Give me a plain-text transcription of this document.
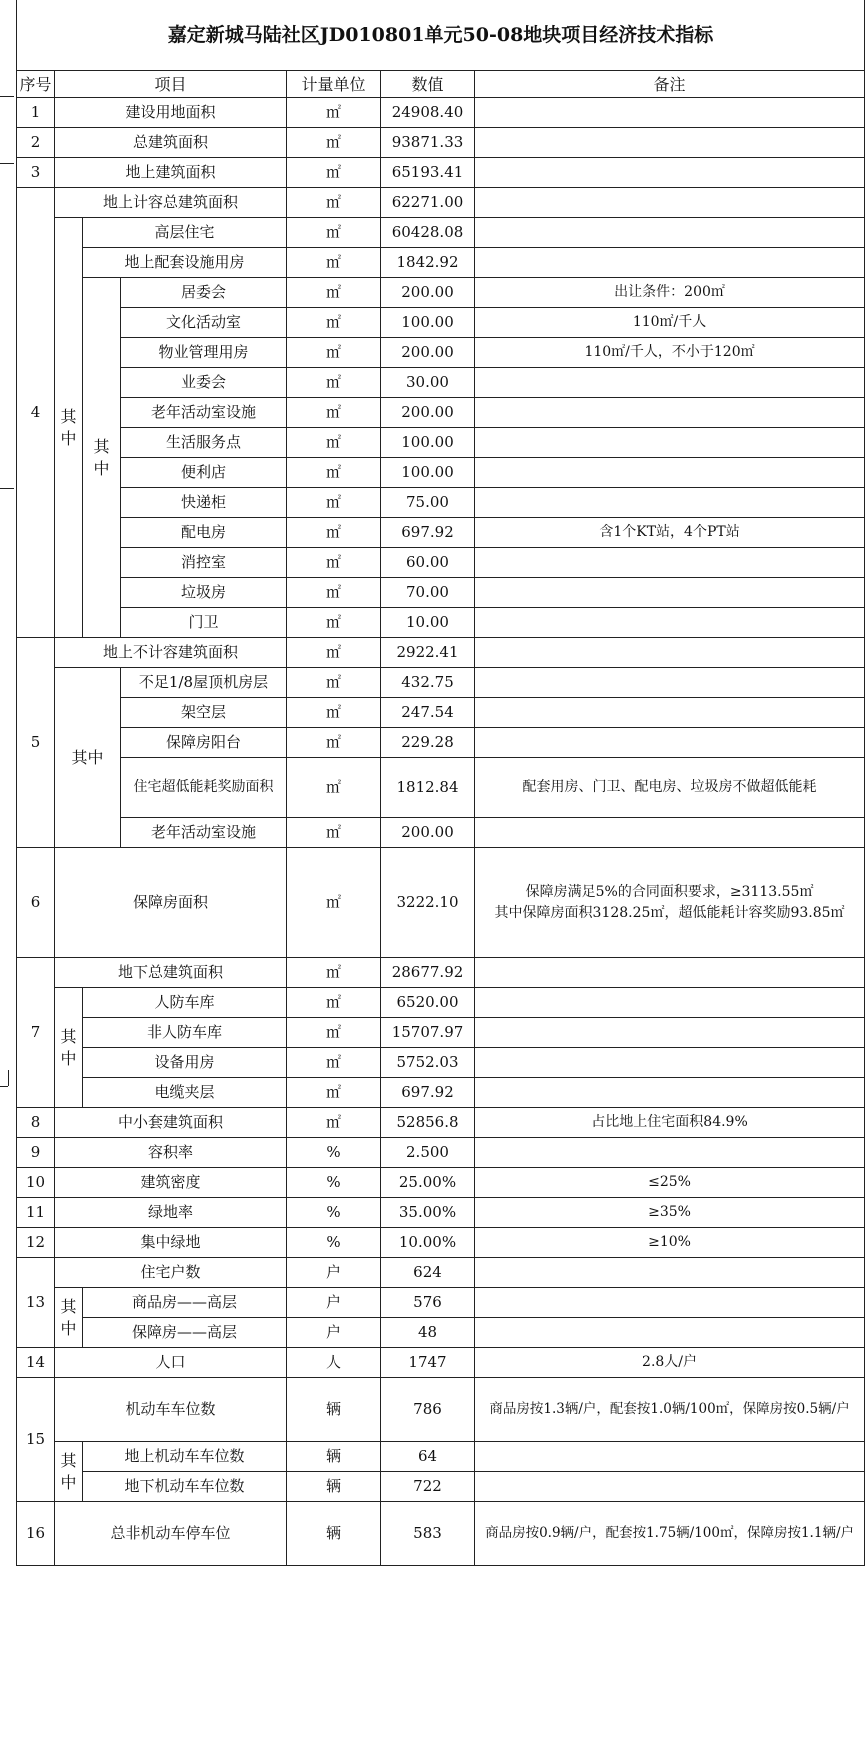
嘉定新城马陆社区JD010801单元50-08地块项目经济技术指标						
序号	项目			计量单位	数值	备注
1	建设用地面积			㎡	24908.40	
2	总建筑面积			㎡	93871.33	
3	地上建筑面积			㎡	65193.41	
4	地上计容总建筑面积			㎡	62271.00	
	其中	高层住宅		㎡	60428.08	
		地上配套设施用房		㎡	1842.92	
		其中	居委会	㎡	200.00	出让条件：200㎡
			文化活动室	㎡	100.00	110㎡/千人
			物业管理用房	㎡	200.00	110㎡/千人，不小于120㎡
			业委会	㎡	30.00	
			老年活动室设施	㎡	200.00	
			生活服务点	㎡	100.00	
			便利店	㎡	100.00	
			快递柜	㎡	75.00	
			配电房	㎡	697.92	含1个KT站，4个PT站
			消控室	㎡	60.00	
			垃圾房	㎡	70.00	
			门卫	㎡	10.00	
5	地上不计容建筑面积			㎡	2922.41	
	其中		不足1/8屋顶机房层	㎡	432.75	
			架空层	㎡	247.54	
			保障房阳台	㎡	229.28	
			住宅超低能耗奖励面积	㎡	1812.84	配套用房、门卫、配电房、垃圾房不做超低能耗
			老年活动室设施	㎡	200.00	
6	保障房面积			㎡	3222.10	保障房满足5%的合同面积要求，≥3113.55㎡
其中保障房面积3128.25㎡，超低能耗计容奖励93.85㎡

7	地下总建筑面积			㎡	28677.92	
	其中	人防车库		㎡	6520.00	
		非人防车库		㎡	15707.97	
		设备用房		㎡	5752.03	
		电缆夹层		㎡	697.92	
8	中小套建筑面积			㎡	52856.8	占比地上住宅面积84.9%
9	容积率			%	2.500	
10	建筑密度			%	25.00%	≤25%
11	绿地率			%	35.00%	≥35%
12	集中绿地			%	10.00%	≥10%
13	住宅户数			户	624	
	其中	商品房——高层		户	576	
		保障房——高层		户	48	
14	人口			人	1747	2.8人/户
15	机动车车位数			辆	786	商品房按1.3辆/户，配套按1.0辆/100㎡，保障房按0.5辆/户
	其中	地上机动车车位数		辆	64	
		地下机动车车位数		辆	722	
16	总非机动车停车位			辆	583	商品房按0.9辆/户，配套按1.75辆/100㎡，保障房按1.1辆/户
